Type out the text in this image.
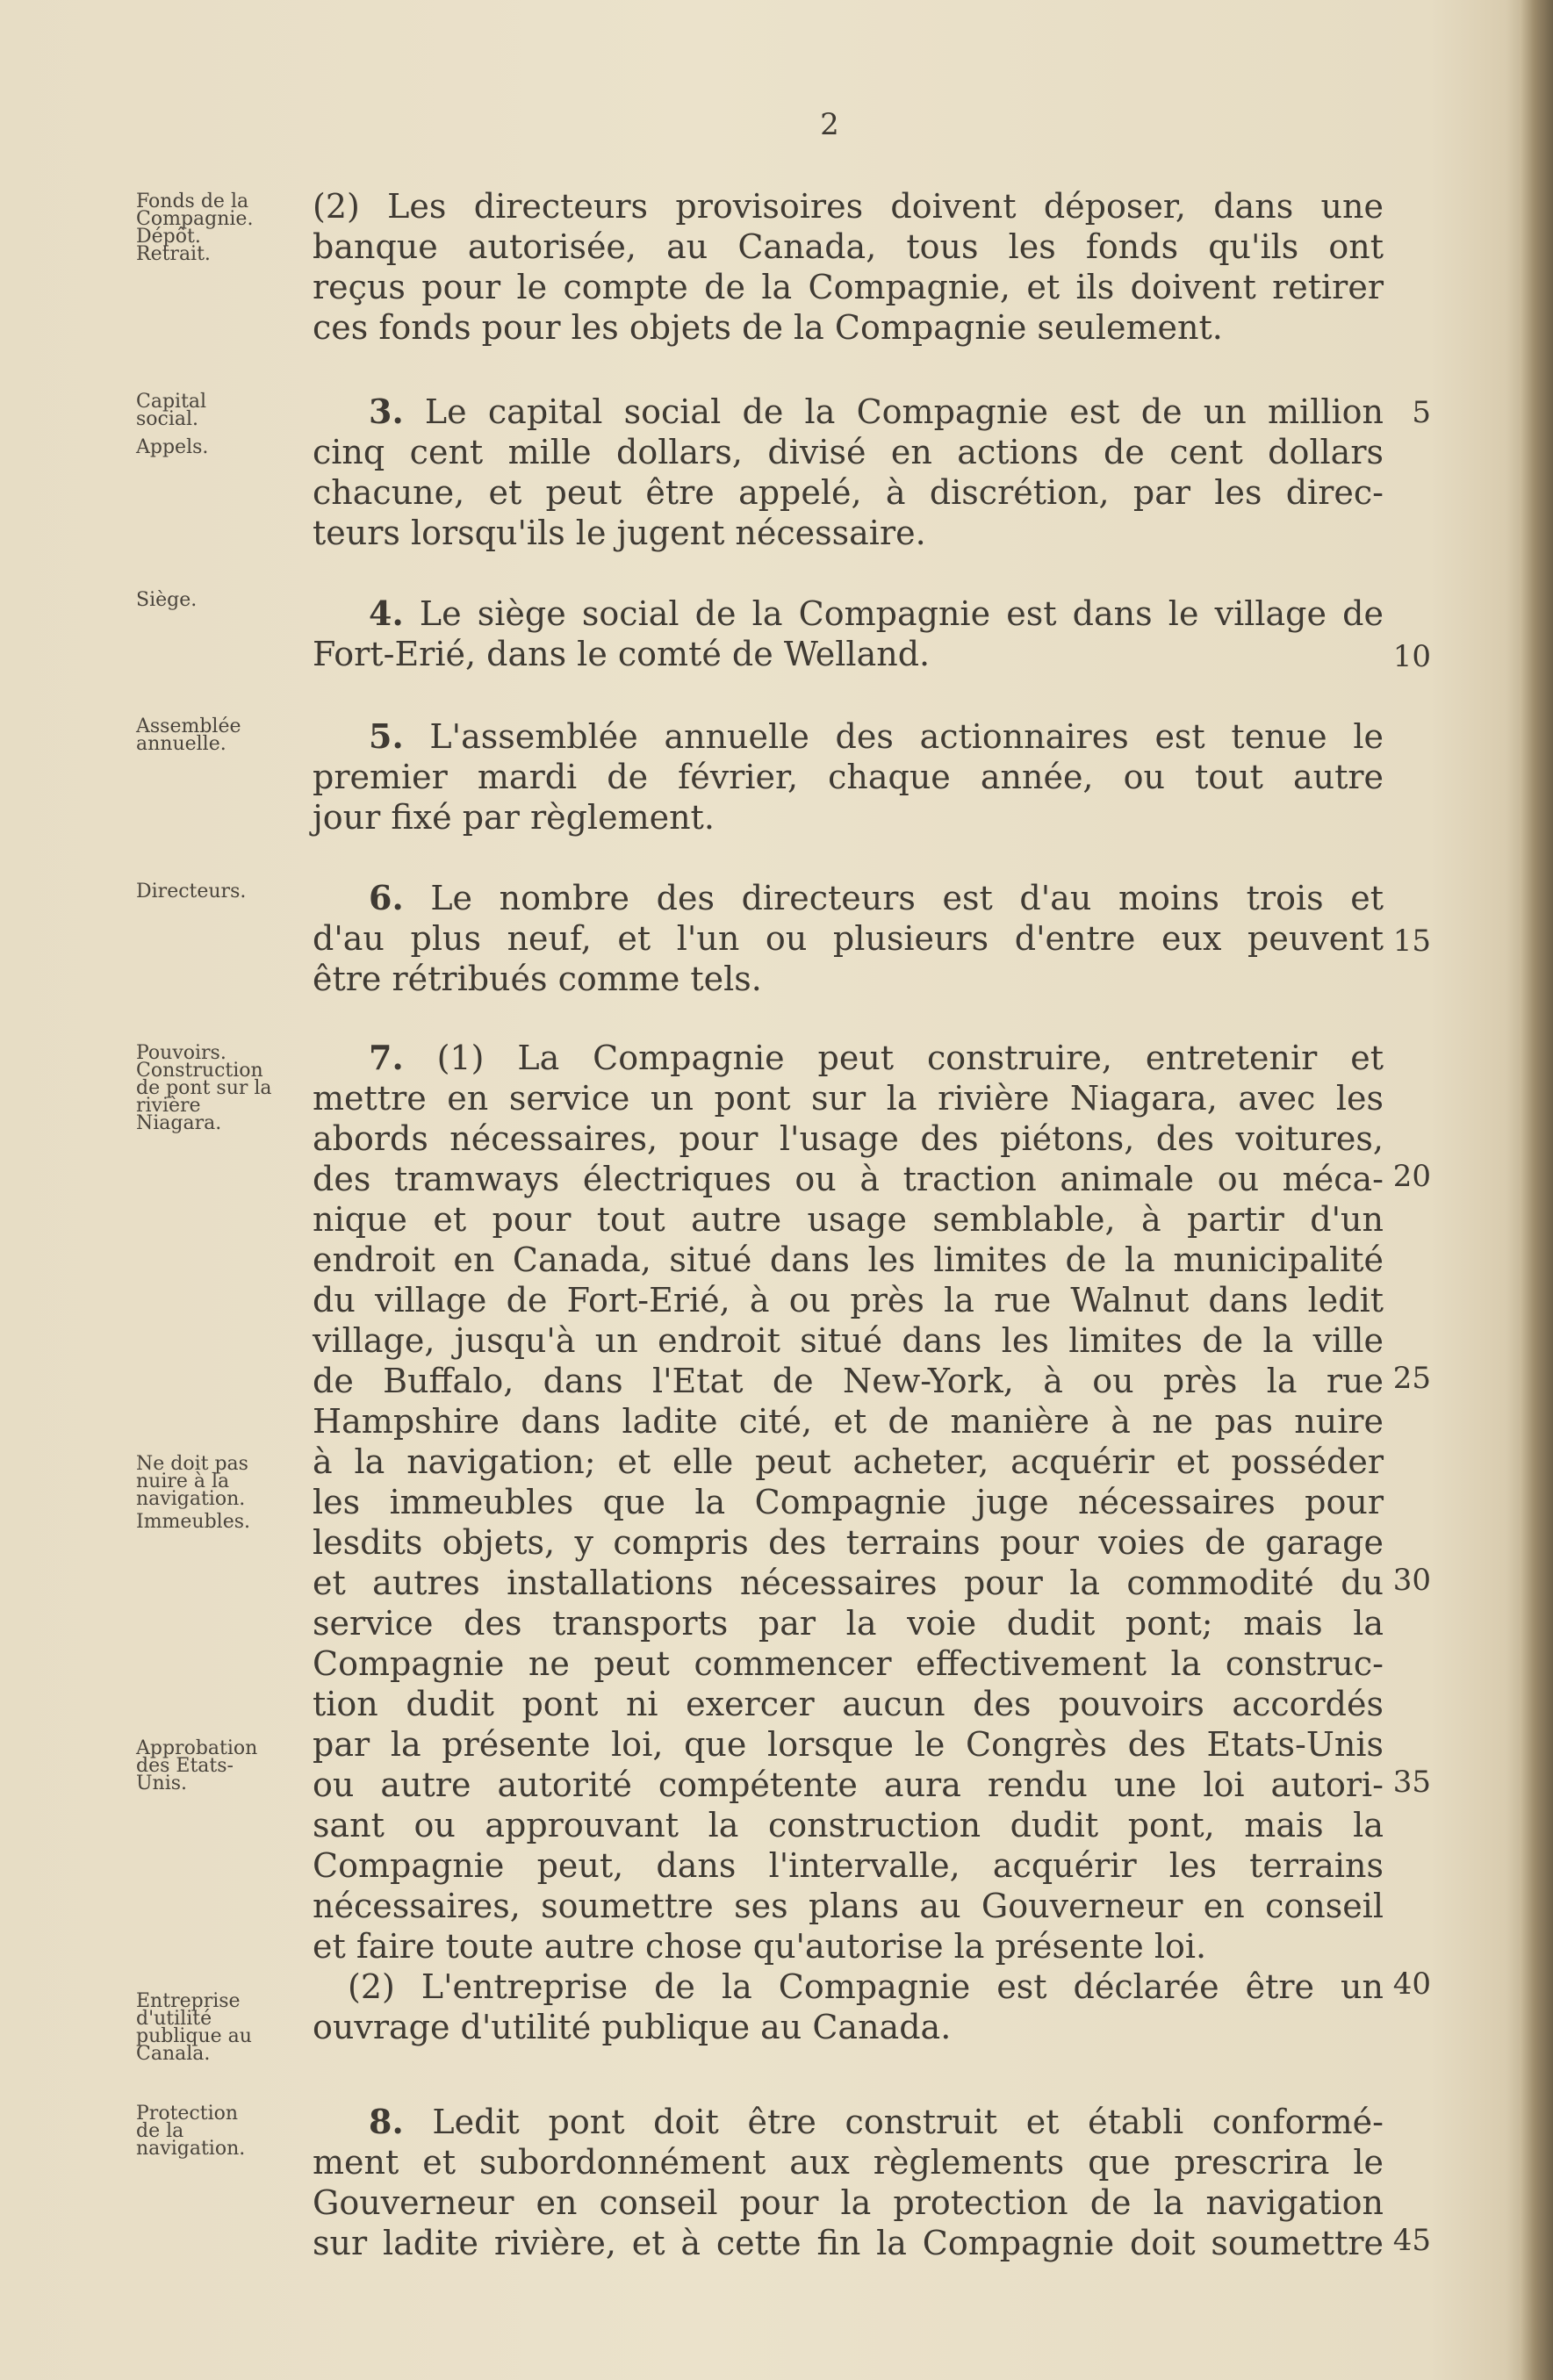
2
Fonds de la
Compagnie.
Dépôt.
Retrait.
(2) Les directeurs provisoires doivent déposer, dans une
banque autorisée, au Canada, tous les fonds qu'ils ont
reçus pour le compte de la Compagnie, et ils doivent retirer
ces fonds pour les objets de la Compagnie seulement.
Capital
social.
Appels.
3. Le capital social de la Compagnie est de un million
cinq cent mille dollars, divisé en actions de cent dollars
chacune, et peut être appelé, à discrétion, par les direc-
teurs lorsqu'ils le jugent nécessaire.
5
Siège.	4. Le siège social de la Compagnie est dans le village de
Fort-Erié, dans le comté de Welland.	10
Assemblée
annuelle.	5. L'assemblée annuelle des actionnaires est tenue le
premier mardi de février, chaque année, ou tout autre
jour fixé par règlement.
Directeurs.	6. Le nombre des directeurs est d'au moins trois et
d'au plus neuf, et l'un ou plusieurs d'entre eux peuvent
être rétribués comme tels.
15
Pouvoirs.
Construction
de pont sur la
rivière
Niagara.
Ne doit pas
nuire à la
navigation.
Immeubles.
Approbation
des Etats-
Unis.
Entreprise
d'utilité
publique au
Canala.
7. (1) La Compagnie peut construire, entretenir et
mettre en service un pont sur la rivière Niagara, avec les
abords nécessaires, pour l'usage des piétons, des voitures,
des tramways électriques ou à traction animale ou méca-
nique et pour tout autre usage semblable, à partir d'un
endroit en Canada, situé dans les limites de la municipalité
du village de Fort-Erié, à ou près la rue Walnut dans ledit
village, jusqu'à un endroit situé dans les limites de la ville
de Buffalo, dans l'Etat de New-York, à ou près la rue
Hampshire dans ladite cité, et de manière à ne pas nuire
à la navigation; et elle peut acheter, acquérir et posséder
les immeubles que la Compagnie juge nécessaires pour
lesdits objets, y compris des terrains pour voies de garage
et autres installations nécessaires pour la commodité du
service des transports par la voie dudit pont; mais la
Compagnie ne peut commencer effectivement la construc-
tion dudit pont ni exercer aucun des pouvoirs accordés
par la présente loi, que lorsque le Congrès des Etats-Unis
ou autre autorité compétente aura rendu une loi autori-
sant ou approuvant la construction dudit pont, mais la
Compagnie peut, dans l'intervalle, acquérir les terrains
nécessaires, soumettre ses plans au Gouverneur en conseil
et faire toute autre chose qu'autorise la présente loi.
(2) L'entreprise de la Compagnie est déclarée être un
ouvrage d'utilité publique au Canada.
20
25
30
35
40
Protection
de la
navigation.
8. Ledit pont doit être construit et établi conformé-
ment et subordonnément aux règlements que prescrira le
Gouverneur en conseil pour la protection de la navigation
sur ladite rivière, et à cette fin la Compagnie doit soumettre 45
